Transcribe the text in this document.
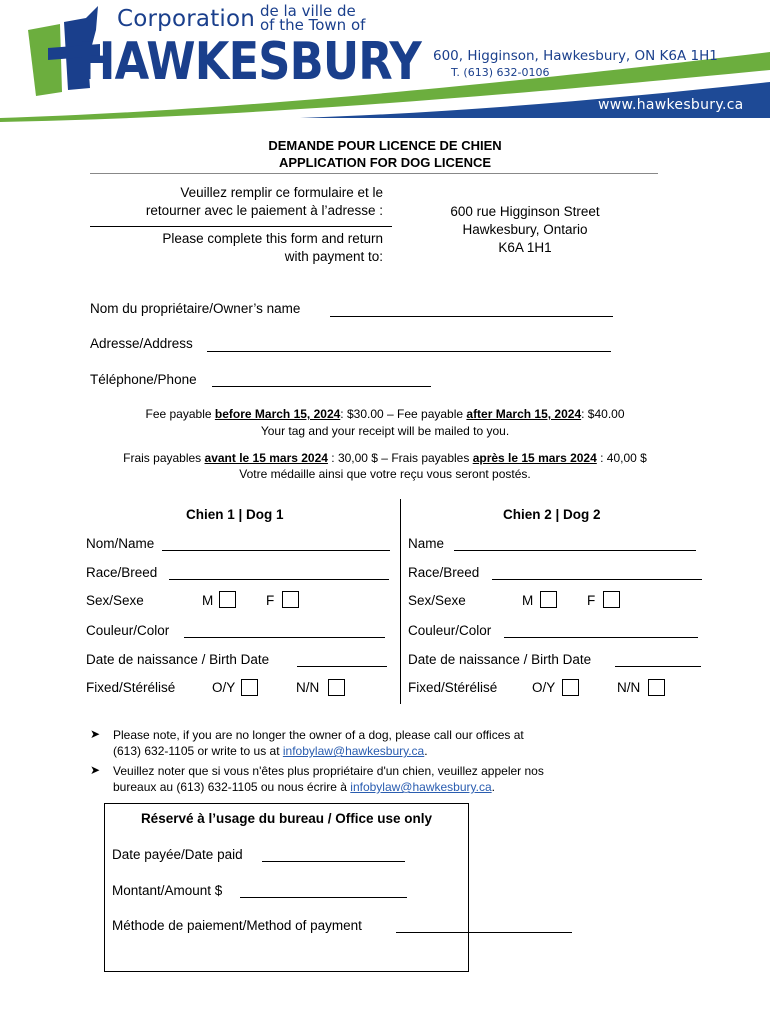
Corporation de la ville de
of the Town of
HAWKESBURY 600, Higginson, Hawkesbury, ON K6A 1H1
T. (613) 632-0106
www.hawkesbury.ca
DEMANDE POUR LICENCE DE CHIEN
APPLICATION FOR DOG LICENCE
Veuillez remplir ce formulaire et le
retourner avec le paiement à l’adresse :
Please complete this form and return
with payment to:
600 rue Higginson Street
Hawkesbury, Ontario
K6A 1H1
Nom du propriétaire/Owner’s name
Adresse/Address
Téléphone/Phone
Fee payable before March 15, 2024: $30.00 – Fee payable after March 15, 2024: $40.00
Your tag and your receipt will be mailed to you.
Frais payables avant le 15 mars 2024 : 30,00 $ – Frais payables après le 15 mars 2024 : 40,00 $
Votre médaille ainsi que votre reçu vous seront postés.
Chien 1 | Dog 1
Nom/Name
Race/Breed
Sex/Sexe	M	F
Couleur/Color
Date de naissance / Birth Date
Fixed/Stérélisé	O/Y	N/N
Chien 2 | Dog 2
Name
Race/Breed
Sex/Sexe	M	F
Couleur/Color
Date de naissance / Birth Date
Fixed/Stérélisé	O/Y	N/N
➤ Please note, if you are no longer the owner of a dog, please call our offices at
(613) 632-1105 or write to us at infobylaw@hawkesbury.ca.
➤ Veuillez noter que si vous n'êtes plus propriétaire d'un chien, veuillez appeler nos
bureaux au (613) 632-1105 ou nous écrire à infobylaw@hawkesbury.ca.
Réservé à l’usage du bureau / Office use only
Date payée/Date paid
Montant/Amount $
Méthode de paiement/Method of payment
